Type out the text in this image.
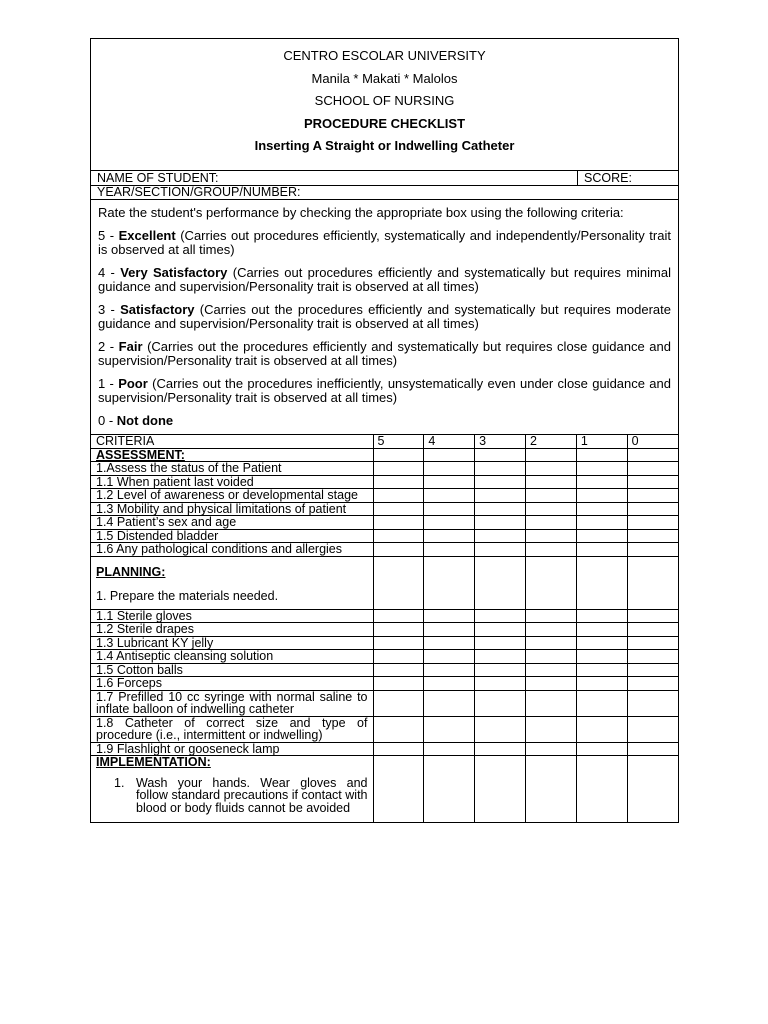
CENTRO ESCOLAR UNIVERSITY
Manila * Makati * Malolos
SCHOOL OF NURSING
PROCEDURE CHECKLIST
Inserting A Straight or Indwelling Catheter
NAME OF STUDENT:	SCORE:
YEAR/SECTION/GROUP/NUMBER:

Rate the student's performance by checking the appropriate box using the following criteria:

5 - Excellent (Carries out procedures efficiently, systematically and independently/Personality trait is observed at all times)

4 - Very Satisfactory (Carries out procedures efficiently and systematically but requires minimal guidance and supervision/Personality trait is observed at all times)

3 - Satisfactory (Carries out the procedures efficiently and systematically but requires moderate guidance and supervision/Personality trait is observed at all times)

2 - Fair (Carries out the procedures efficiently and systematically but requires close guidance and supervision/Personality trait is observed at all times)

1 - Poor (Carries out the procedures inefficiently, unsystematically even under close guidance and supervision/Personality trait is observed at all times)

0 - Not done

CRITERIA	5	4	3	2	1	0

ASSESSMENT:						

1.Assess the status of the Patient						
1.1 When patient last voided						
1.2 Level of awareness or developmental stage						
1.3 Mobility and physical limitations of patient						
1.4 Patient’s sex and age						
1.5 Distended bladder						
1.6 Any pathological conditions and allergies						

PLANNING:
1. Prepare the materials needed.						

1.1 Sterile gloves						
1.2 Sterile drapes						
1.3 Lubricant KY jelly						
1.4 Antiseptic cleansing solution						
1.5 Cotton balls						
1.6 Forceps						
1.7 Prefilled 10 cc syringe with normal saline to inflate balloon of indwelling catheter						
1.8 Catheter of correct size and type of procedure (i.e., intermittent or indwelling)						
1.9 Flashlight or gooseneck lamp						

IMPLEMENTATION:
1. Wash your hands. Wear gloves and follow standard precautions if contact with blood or body fluids cannot be avoided						
